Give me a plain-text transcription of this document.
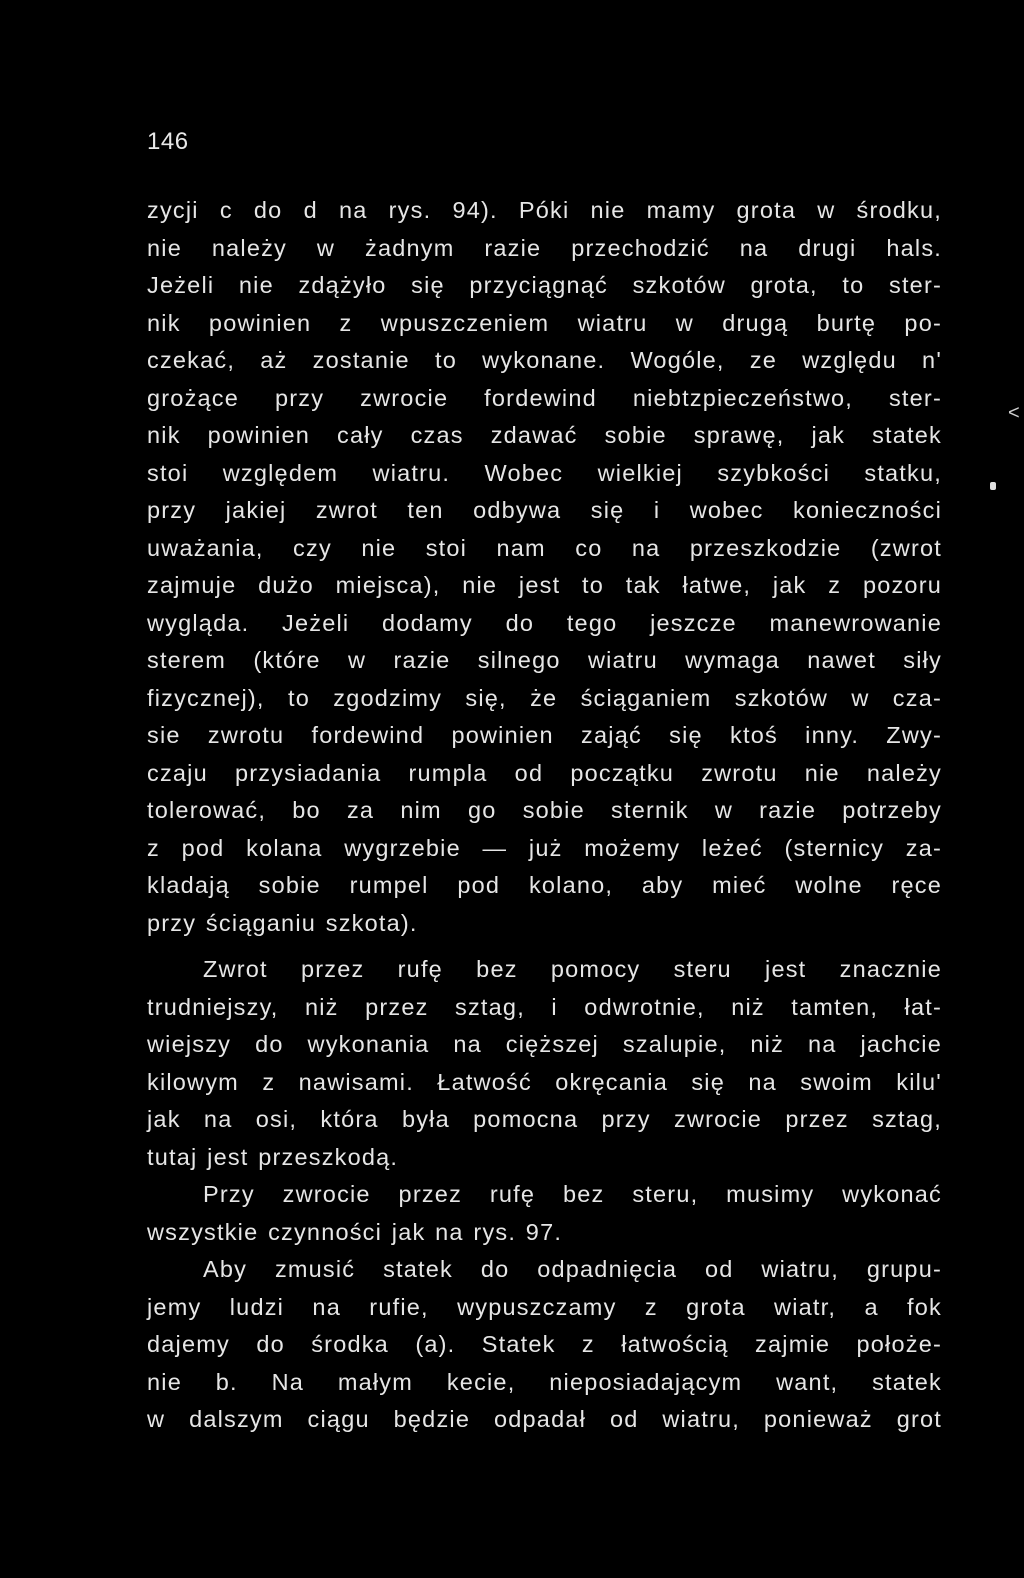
146
zycji c do d na rys. 94). Póki nie mamy grota w środku,
nie należy w żadnym razie przechodzić na drugi hals.
Jeżeli nie zdążyło się przyciągnąć szkotów grota, to ster-
nik powinien z wpuszczeniem wiatru w drugą burtę po-
czekać, aż zostanie to wykonane. Wogóle, ze względu n'
grożące przy zwrocie fordewind niebtzpieczeństwo, ster-
nik powinien cały czas zdawać sobie sprawę, jak statek
stoi względem wiatru. Wobec wielkiej szybkości statku,
przy jakiej zwrot ten odbywa się i wobec konieczności
uważania, czy nie stoi nam co na przeszkodzie (zwrot
zajmuje dużo miejsca), nie jest to tak łatwe, jak z pozoru
wygląda. Jeżeli dodamy do tego jeszcze manewrowanie
sterem (które w razie silnego wiatru wymaga nawet siły
fizycznej), to zgodzimy się, że ściąganiem szkotów w cza-
sie zwrotu fordewind powinien zająć się ktoś inny. Zwy-
czaju przysiadania rumpla od początku zwrotu nie należy
tolerować, bo za nim go sobie sternik w razie potrzeby
z pod kolana wygrzebie — już możemy leżeć (sternicy za-
kladają sobie rumpel pod kolano, aby mieć wolne ręce
przy ściąganiu szkota).
Zwrot przez rufę bez pomocy steru jest znacznie
trudniejszy, niż przez sztag, i odwrotnie, niż tamten, łat-
wiejszy do wykonania na cięższej szalupie, niż na jachcie
kilowym z nawisami. Łatwość okręcania się na swoim kilu'
jak na osi, która była pomocna przy zwrocie przez sztag,
tutaj jest przeszkodą.
Przy zwrocie przez rufę bez steru, musimy wykonać
wszystkie czynności jak na rys. 97.
Aby zmusić statek do odpadnięcia od wiatru, grupu-
jemy ludzi na rufie, wypuszczamy z grota wiatr, a fok
dajemy do środka (a). Statek z łatwością zajmie położe-
nie b. Na małym kecie, nieposiadającym want, statek
w dalszym ciągu będzie odpadał od wiatru, ponieważ grot
<
